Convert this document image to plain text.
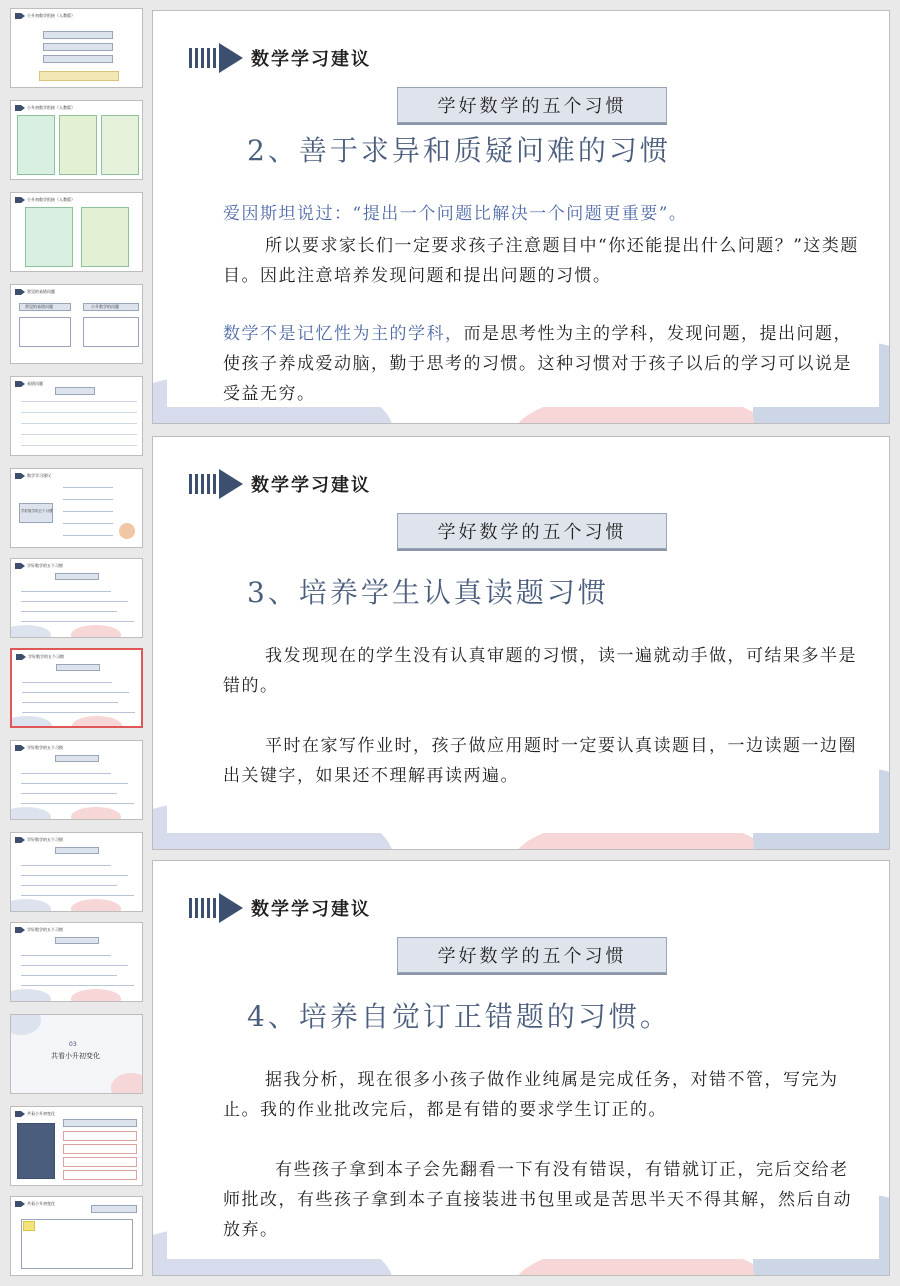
小升初数学衔接（人教版）
小升初数学衔接（人教版）
小升初数学衔接（人教版）
常见的易错问题
常见的易错问题	小升数学的问题
易错问题
数学学习建议
学好数学的五个习惯
学好数学的五个习惯
学好数学的五个习惯
学好数学的五个习惯
学好数学的五个习惯
学好数学的五个习惯
03
共看小升初变化
共看小升初变化
共看小升初变化
数学学习建议
学好数学的五个习惯
2、善于求异和质疑问难的习惯
爱因斯坦说过：“提出一个问题比解决一个问题更重要”。
所以要求家长们一定要求孩子注意题目中“你还能提出什么问题？”这类题目。因此注意培养发现问题和提出问题的习惯。
数学不是记忆性为主的学科，而是思考性为主的学科，发现问题，提出问题，使孩子养成爱动脑，勤于思考的习惯。这种习惯对于孩子以后的学习可以说是受益无穷。
数学学习建议
学好数学的五个习惯
3、培养学生认真读题习惯
我发现现在的学生没有认真审题的习惯，读一遍就动手做，可结果多半是错的。
平时在家写作业时，孩子做应用题时一定要认真读题目，一边读题一边圈出关键字，如果还不理解再读两遍。
数学学习建议
学好数学的五个习惯
4、培养自觉订正错题的习惯。
据我分析，现在很多小孩子做作业纯属是完成任务，对错不管，写完为止。我的作业批改完后，都是有错的要求学生订正的。
有些孩子拿到本子会先翻看一下有没有错误，有错就订正，完后交给老师批改，有些孩子拿到本子直接装进书包里或是苦思半天不得其解，然后自动放弃。
